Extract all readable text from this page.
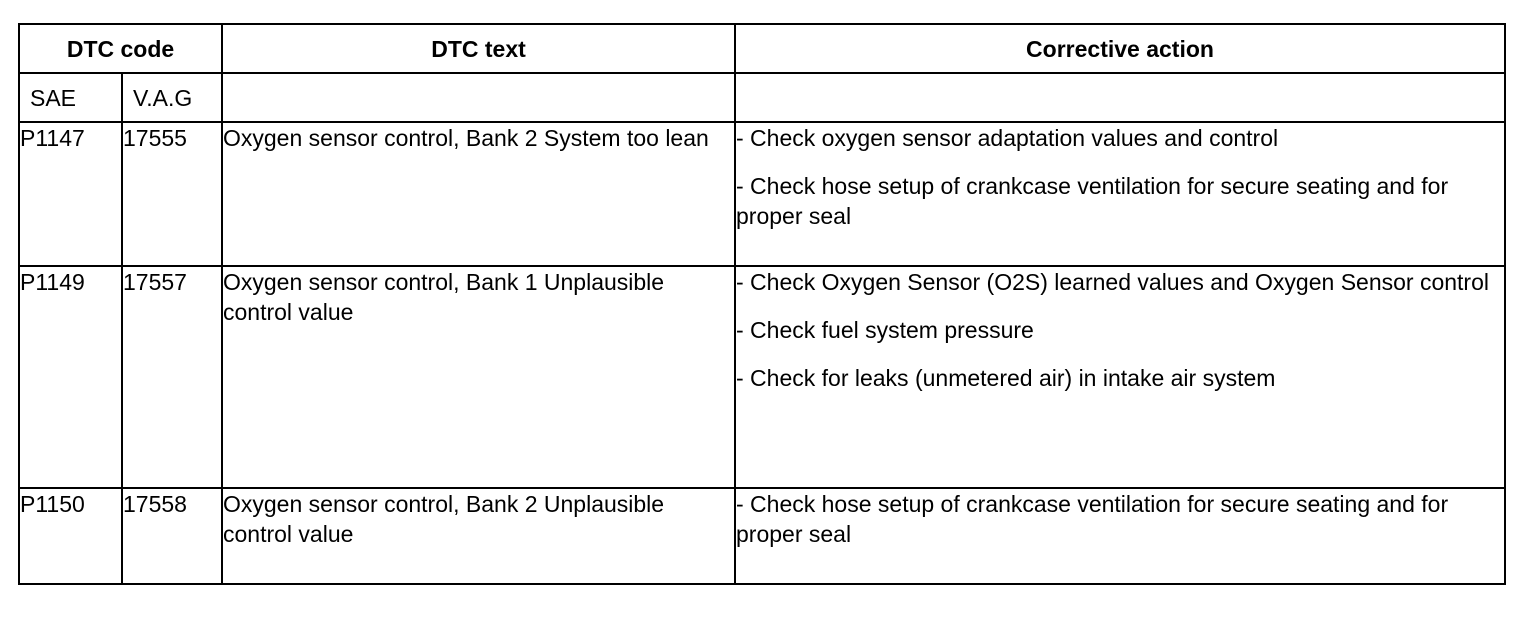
DTC code		DTC text	Corrective action
SAE	V.A.G		
P1147	17555	Oxygen sensor control, Bank 2 System too lean	- Check oxygen sensor adaptation values and control
- Check hose setup of crankcase ventilation for secure seating and for proper seal

P1149	17557	Oxygen sensor control, Bank 1 Unplausible control value	- Check Oxygen Sensor (O2S) learned values and Oxygen Sensor control
- Check fuel system pressure
- Check for leaks (unmetered air) in intake air system

P1150	17558	Oxygen sensor control, Bank 2 Unplausible control value	- Check hose setup of crankcase ventilation for secure seating and for proper seal
